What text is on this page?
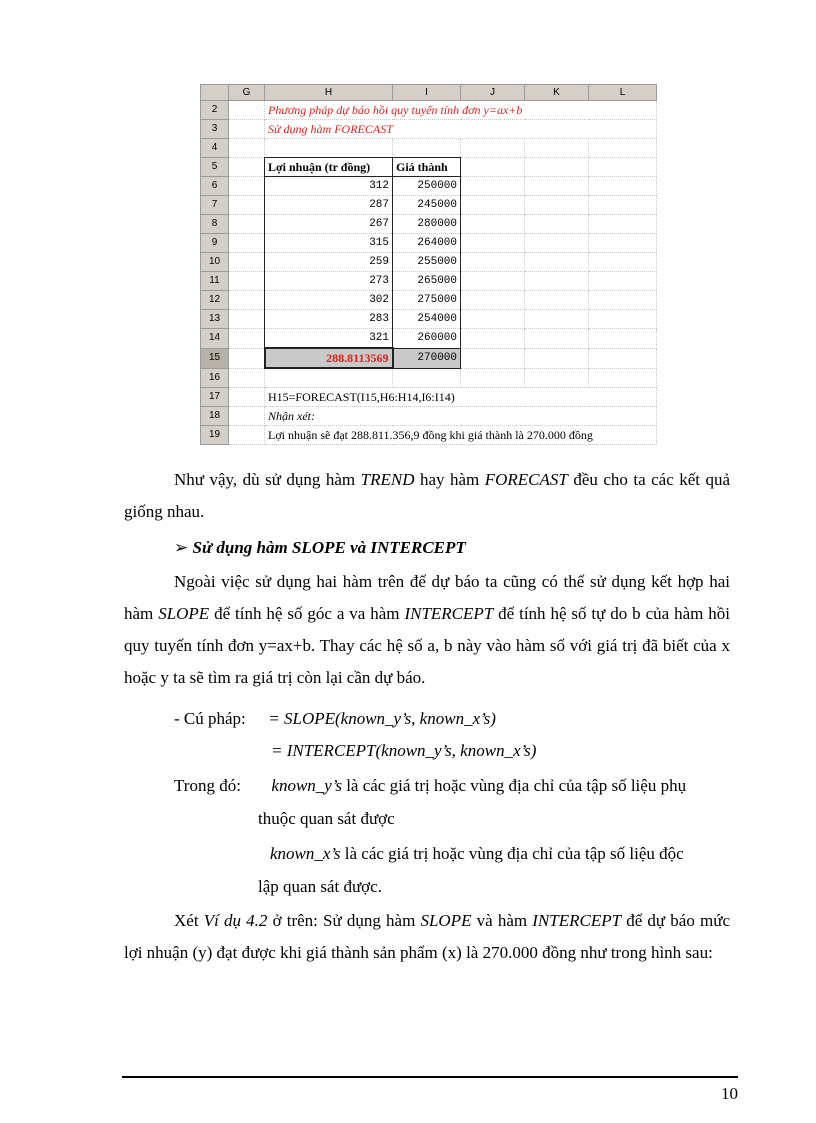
	G	H	I	J	K	L
2		Phương pháp dự báo hồi quy tuyến tính đơn y=ax+b				
3		Sử dụng hàm FORECAST				
4						
5		Lợi nhuận (tr đồng)	Giá thành			
6		312	250000			
7		287	245000			
8		267	280000			
9		315	264000			
10		259	255000			
11		273	265000			
12		302	275000			
13		283	254000			
14		321	260000			
15		288.8113569	270000			
16						
17		H15=FORECAST(I15,H6:H14,I6:I14)				
18		Nhận xét:				
19		Lợi nhuận sẽ đạt 288.811.356,9 đồng khi giá thành là 270.000 đồng				

Như vậy, dù sử dụng hàm TREND hay hàm FORECAST đều cho ta các kết quả giống nhau.

➢ Sử dụng hàm SLOPE và INTERCEPT

Ngoài việc sử dụng hai hàm trên để dự báo ta cũng có thể sử dụng kết hợp hai hàm SLOPE để tính hệ số góc a va hàm INTERCEPT để tính hệ số tự do b của hàm hồi quy tuyến tính đơn y=ax+b. Thay các hệ số a, b này vào hàm số với giá trị đã biết của x hoặc y ta sẽ tìm ra giá trị còn lại cần dự báo.

- Cú pháp: = SLOPE(known_y’s, known_x’s)

= INTERCEPT(known_y’s, known_x’s)

Trong đó: known_y’s là các giá trị hoặc vùng địa chỉ của tập số liệu phụ

thuộc quan sát được

known_x’s là các giá trị hoặc vùng địa chỉ của tập số liệu độc

lập quan sát được.

Xét Ví dụ 4.2 ở trên: Sử dụng hàm SLOPE và hàm INTERCEPT để dự báo mức lợi nhuận (y) đạt được khi giá thành sản phẩm (x) là 270.000 đồng như trong hình sau:

10
